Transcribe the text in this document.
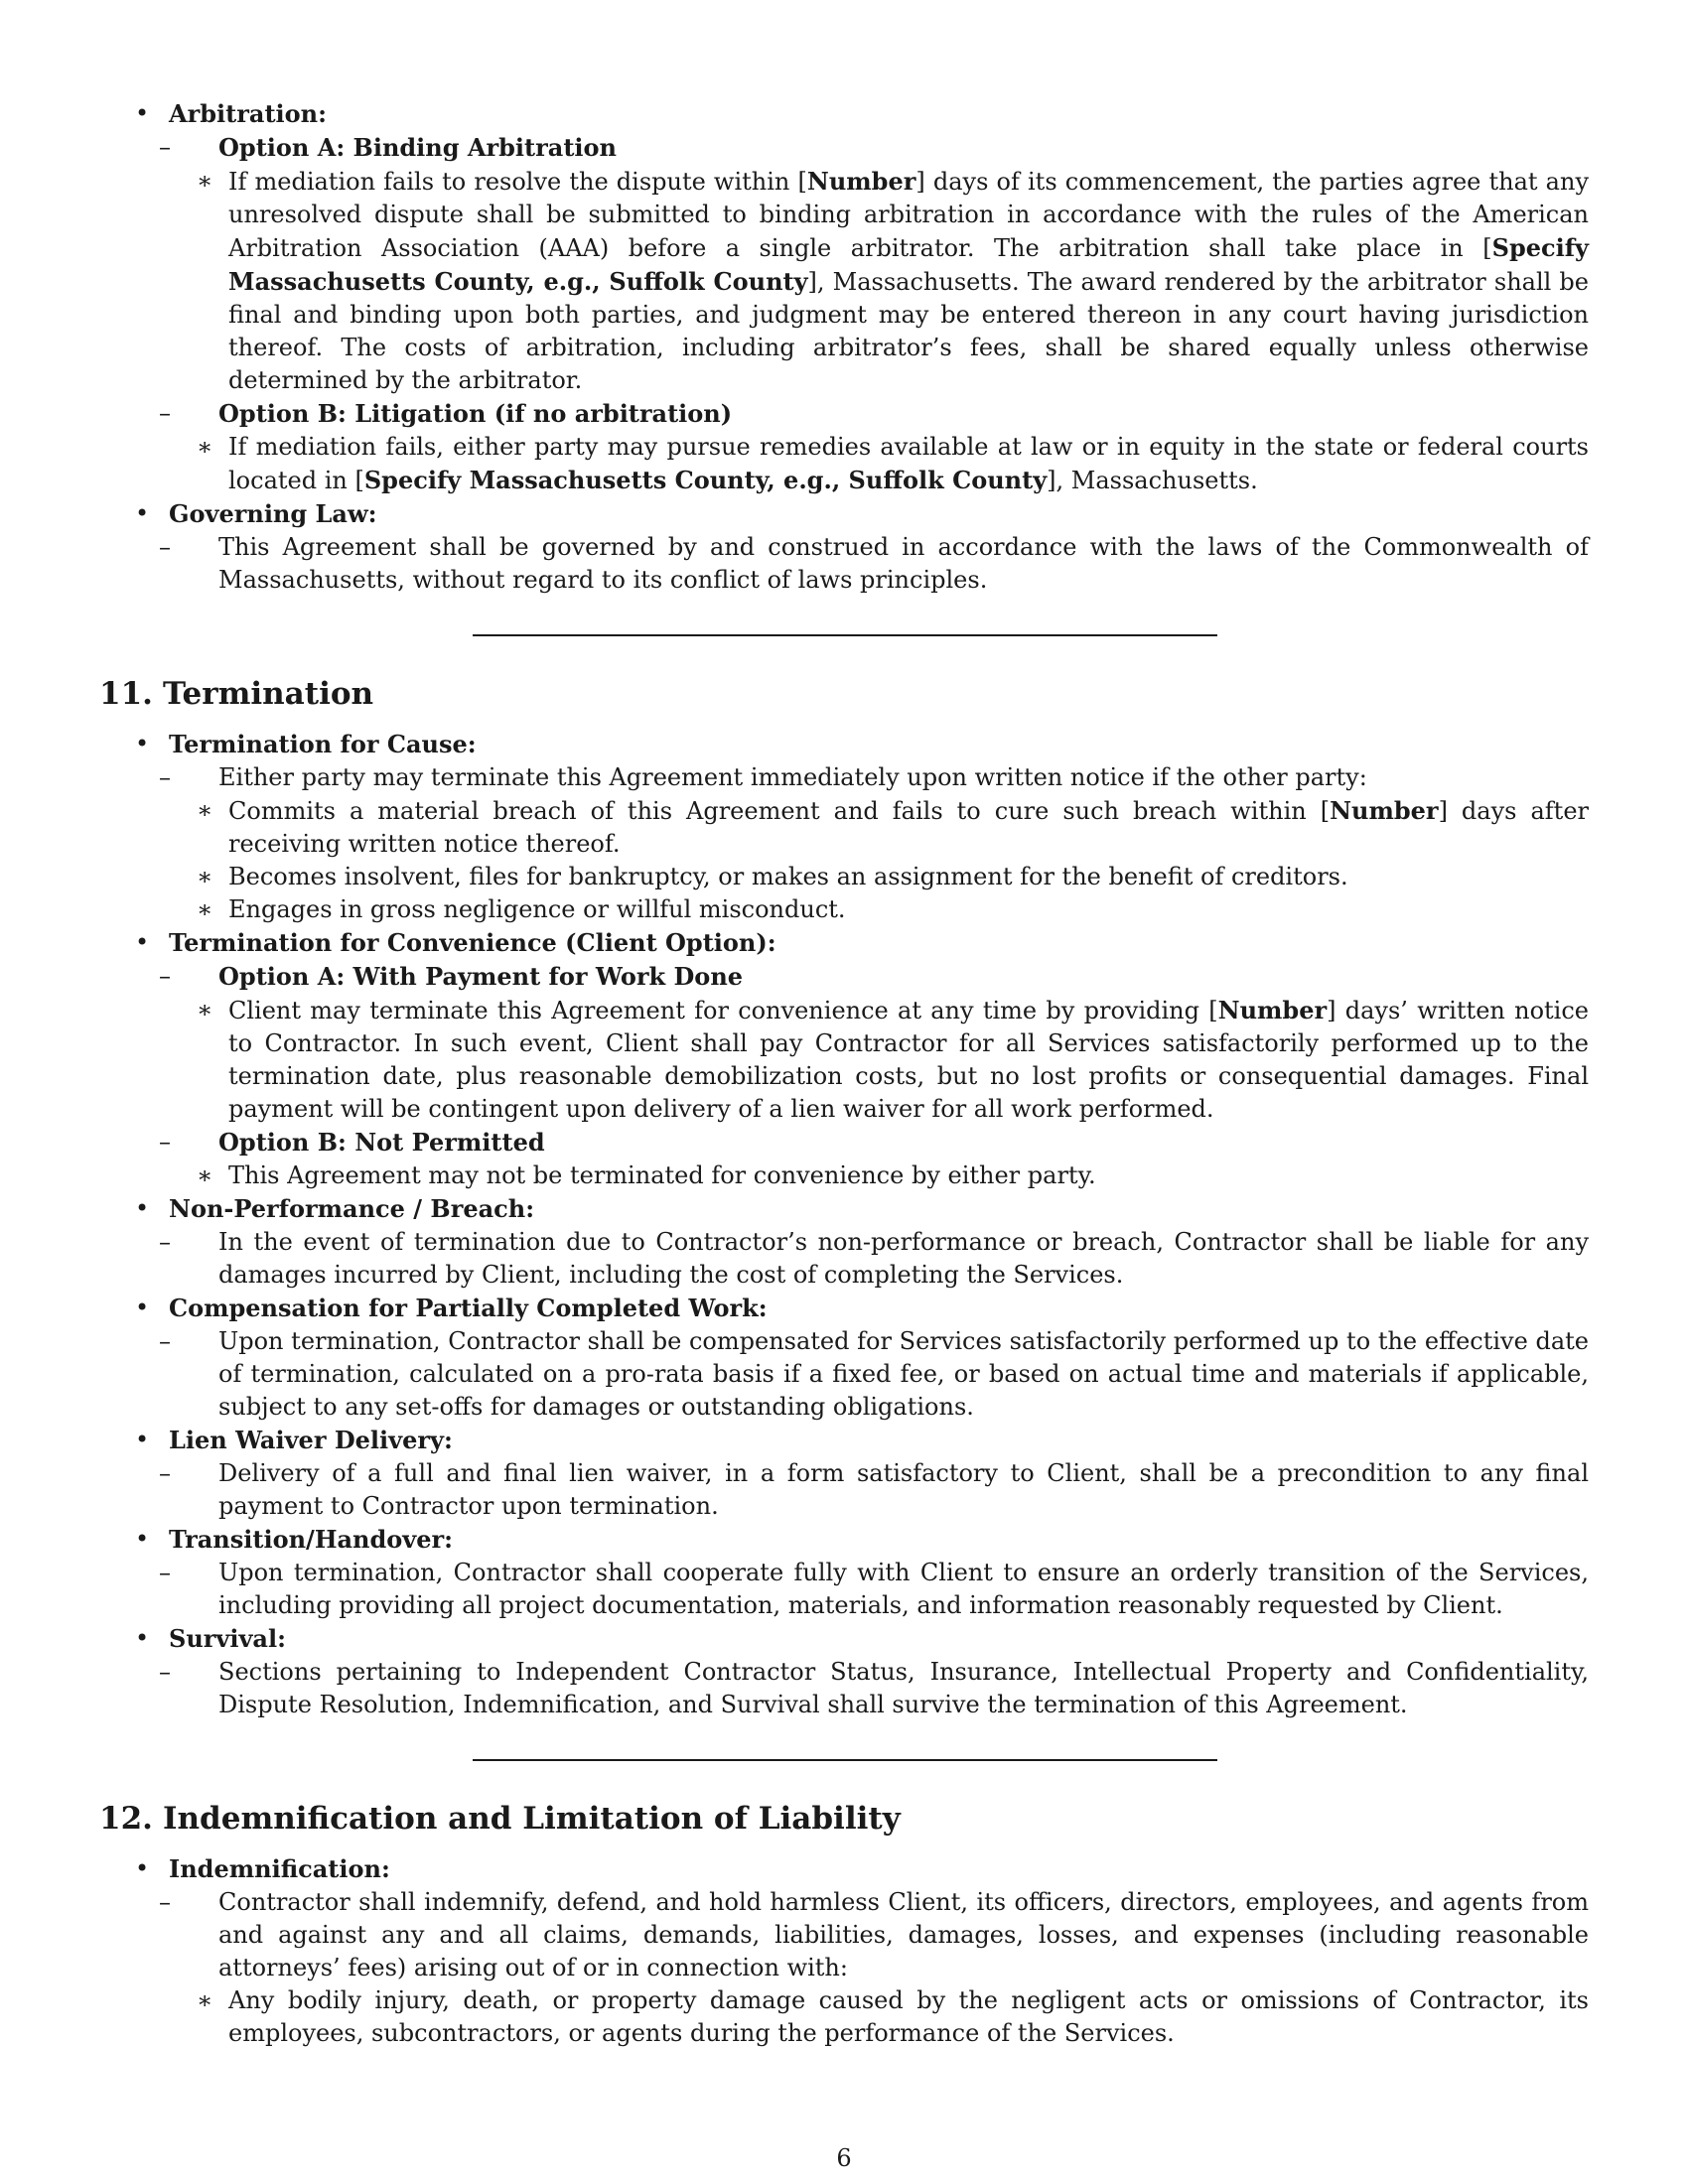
• Arbitration:
– Option A: Binding Arbitration
∗ If mediation fails to resolve the dispute within [Number] days of its commencement, the parties agree that any unresolved dispute shall be submitted to binding arbitration in accordance with the rules of the American Arbitration Association (AAA) before a single arbitrator. The arbitration shall take place in [Specify Massachusetts County, e.g., Suffolk County], Massachusetts. The award rendered by the arbitrator shall be final and binding upon both parties, and judgment may be entered thereon in any court having jurisdiction thereof. The costs of arbitration, including arbitrator’s fees, shall be shared equally unless otherwise determined by the arbitrator.
– Option B: Litigation (if no arbitration)
∗ If mediation fails, either party may pursue remedies available at law or in equity in the state or federal courts located in [Specify Massachusetts County, e.g., Suffolk County], Massachusetts.
• Governing Law:
– This Agreement shall be governed by and construed in accordance with the laws of the Commonwealth of Massachusetts, without regard to its conflict of laws principles.
11. Termination
• Termination for Cause:
– Either party may terminate this Agreement immediately upon written notice if the other party:
∗ Commits a material breach of this Agreement and fails to cure such breach within [Number] days after receiving written notice thereof.
∗ Becomes insolvent, files for bankruptcy, or makes an assignment for the benefit of creditors.
∗ Engages in gross negligence or willful misconduct.
• Termination for Convenience (Client Option):
– Option A: With Payment for Work Done
∗ Client may terminate this Agreement for convenience at any time by providing [Number] days’ written notice to Contractor. In such event, Client shall pay Contractor for all Services satisfactorily performed up to the termination date, plus reasonable demobilization costs, but no lost profits or consequential damages. Final payment will be contingent upon delivery of a lien waiver for all work performed.
– Option B: Not Permitted
∗ This Agreement may not be terminated for convenience by either party.
• Non-Performance / Breach:
– In the event of termination due to Contractor’s non-performance or breach, Contractor shall be liable for any damages incurred by Client, including the cost of completing the Services.
• Compensation for Partially Completed Work:
– Upon termination, Contractor shall be compensated for Services satisfactorily performed up to the effective date of termination, calculated on a pro-rata basis if a fixed fee, or based on actual time and materials if applicable, subject to any set-offs for damages or outstanding obligations.
• Lien Waiver Delivery:
– Delivery of a full and final lien waiver, in a form satisfactory to Client, shall be a precondition to any final payment to Contractor upon termination.
• Transition/Handover:
– Upon termination, Contractor shall cooperate fully with Client to ensure an orderly transition of the Services, including providing all project documentation, materials, and information reasonably requested by Client.
• Survival:
– Sections pertaining to Independent Contractor Status, Insurance, Intellectual Property and Confidentiality, Dispute Resolution, Indemnification, and Survival shall survive the termination of this Agreement.
12. Indemnification and Limitation of Liability
• Indemnification:
– Contractor shall indemnify, defend, and hold harmless Client, its officers, directors, employees, and agents from and against any and all claims, demands, liabilities, damages, losses, and expenses (including reasonable attorneys’ fees) arising out of or in connection with:
∗ Any bodily injury, death, or property damage caused by the negligent acts or omissions of Contractor, its employees, subcontractors, or agents during the performance of the Services.
6
